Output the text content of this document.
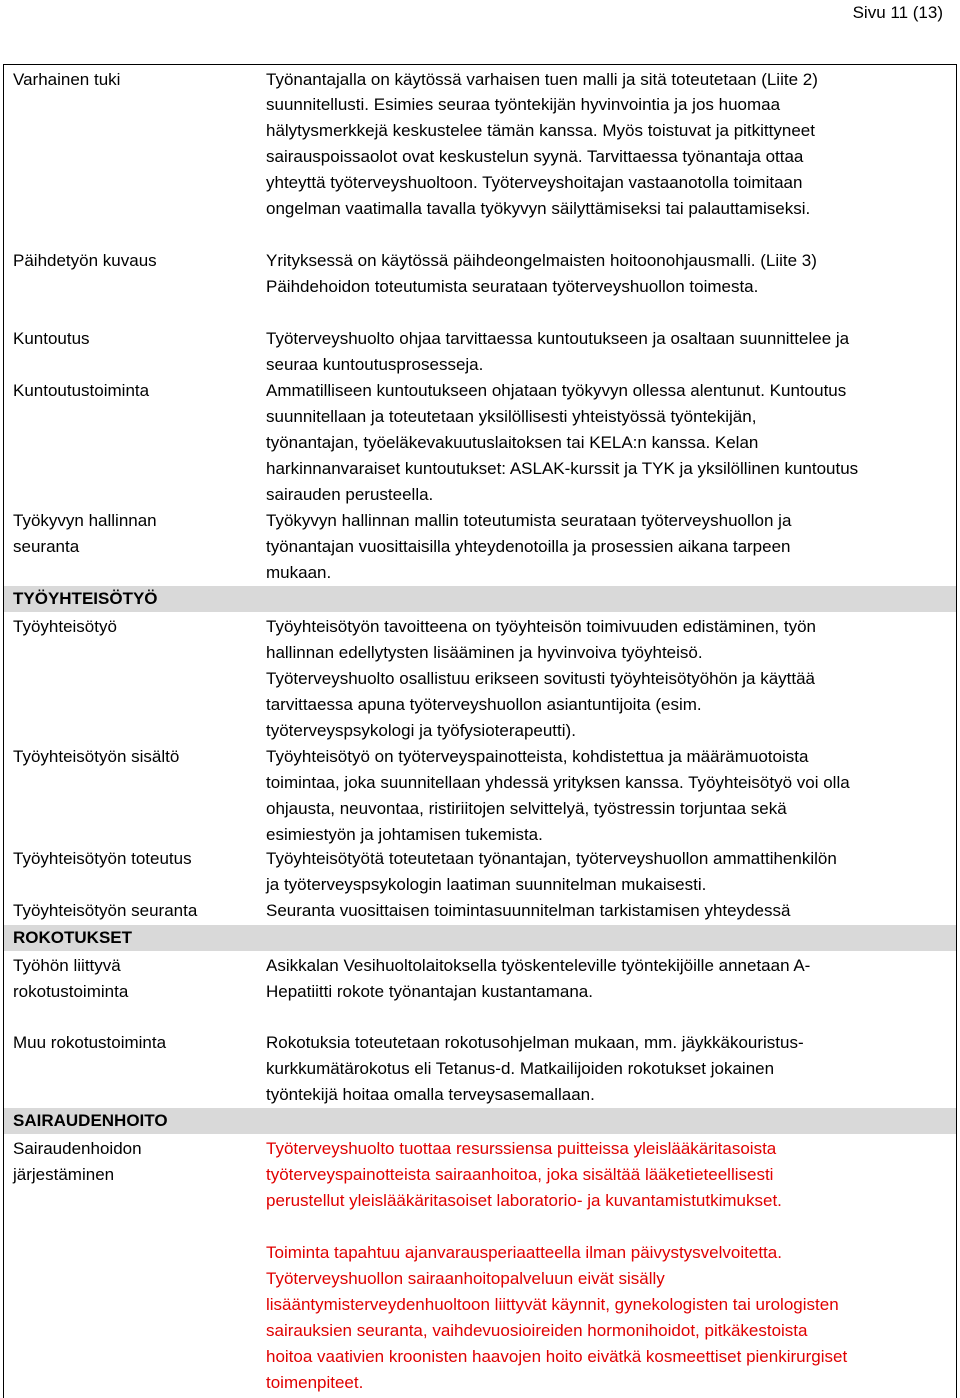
Sivu 11 (13)
TYÖYHTEISÖTYÖ
ROKOTUKSET
SAIRAUDENHOITO
Varhainen tuki
Päihdetyön kuvaus
Kuntoutus
Kuntoutustoiminta
Työkyvyn hallinnan
seuranta
Työyhteisötyö
Työyhteisötyön sisältö
Työyhteisötyön toteutus
Työyhteisötyön seuranta
Työhön liittyvä
rokotustoiminta
Muu rokotustoiminta
Sairaudenhoidon
järjestäminen
Työnantajalla on käytössä varhaisen tuen malli ja sitä toteutetaan (Liite 2)
suunnitellusti. Esimies seuraa työntekijän hyvinvointia ja jos huomaa
hälytysmerkkejä keskustelee tämän kanssa. Myös toistuvat ja pitkittyneet
sairauspoissaolot ovat keskustelun syynä. Tarvittaessa työnantaja ottaa
yhteyttä työterveyshuoltoon. Työterveyshoitajan vastaanotolla toimitaan
ongelman vaatimalla tavalla työkyvyn säilyttämiseksi tai palauttamiseksi.
Yrityksessä on käytössä päihdeongelmaisten hoitoonohjausmalli. (Liite 3)
Päihdehoidon toteutumista seurataan työterveyshuollon toimesta.
Työterveyshuolto ohjaa tarvittaessa kuntoutukseen ja osaltaan suunnittelee ja
seuraa kuntoutusprosesseja.
Ammatilliseen kuntoutukseen ohjataan työkyvyn ollessa alentunut. Kuntoutus
suunnitellaan ja toteutetaan yksilöllisesti yhteistyössä työntekijän,
työnantajan, työeläkevakuutuslaitoksen tai KELA:n kanssa. Kelan
harkinnanvaraiset kuntoutukset: ASLAK-kurssit ja TYK ja yksilöllinen kuntoutus
sairauden perusteella.
Työkyvyn hallinnan mallin toteutumista seurataan työterveyshuollon ja
työnantajan vuosittaisilla yhteydenotoilla ja prosessien aikana tarpeen
mukaan.
Työyhteisötyön tavoitteena on työyhteisön toimivuuden edistäminen, työn
hallinnan edellytysten lisääminen ja hyvinvoiva työyhteisö.
Työterveyshuolto osallistuu erikseen sovitusti työyhteisötyöhön ja käyttää
tarvittaessa apuna työterveyshuollon asiantuntijoita (esim.
työterveyspsykologi ja työfysioterapeutti).
Työyhteisötyö on työterveyspainotteista, kohdistettua ja määrämuotoista
toimintaa, joka suunnitellaan yhdessä yrityksen kanssa. Työyhteisötyö voi olla
ohjausta, neuvontaa, ristiriitojen selvittelyä, työstressin torjuntaa sekä
esimiestyön ja johtamisen tukemista.
Työyhteisötyötä toteutetaan työnantajan, työterveyshuollon ammattihenkilön
ja työterveyspsykologin laatiman suunnitelman mukaisesti.
Seuranta vuosittaisen toimintasuunnitelman tarkistamisen yhteydessä
Asikkalan Vesihuoltolaitoksella työskenteleville työntekijöille annetaan A-
Hepatiitti rokote työnantajan kustantamana.
Rokotuksia toteutetaan rokotusohjelman mukaan, mm. jäykkäkouristus-
kurkkumätärokotus eli Tetanus-d. Matkailijoiden rokotukset jokainen
työntekijä hoitaa omalla terveysasemallaan.
Työterveyshuolto tuottaa resurssiensa puitteissa yleislääkäritasoista
työterveyspainotteista sairaanhoitoa, joka sisältää lääketieteellisesti
perustellut yleislääkäritasoiset laboratorio- ja kuvantamistutkimukset.
Toiminta tapahtuu ajanvarausperiaatteella ilman päivystysvelvoitetta.
Työterveyshuollon sairaanhoitopalveluun eivät sisälly
lisääntymisterveydenhuoltoon liittyvät käynnit, gynekologisten tai urologisten
sairauksien seuranta, vaihdevuosioireiden hormonihoidot, pitkäkestoista
hoitoa vaativien kroonisten haavojen hoito eivätkä kosmeettiset pienkirurgiset
toimenpiteet.
